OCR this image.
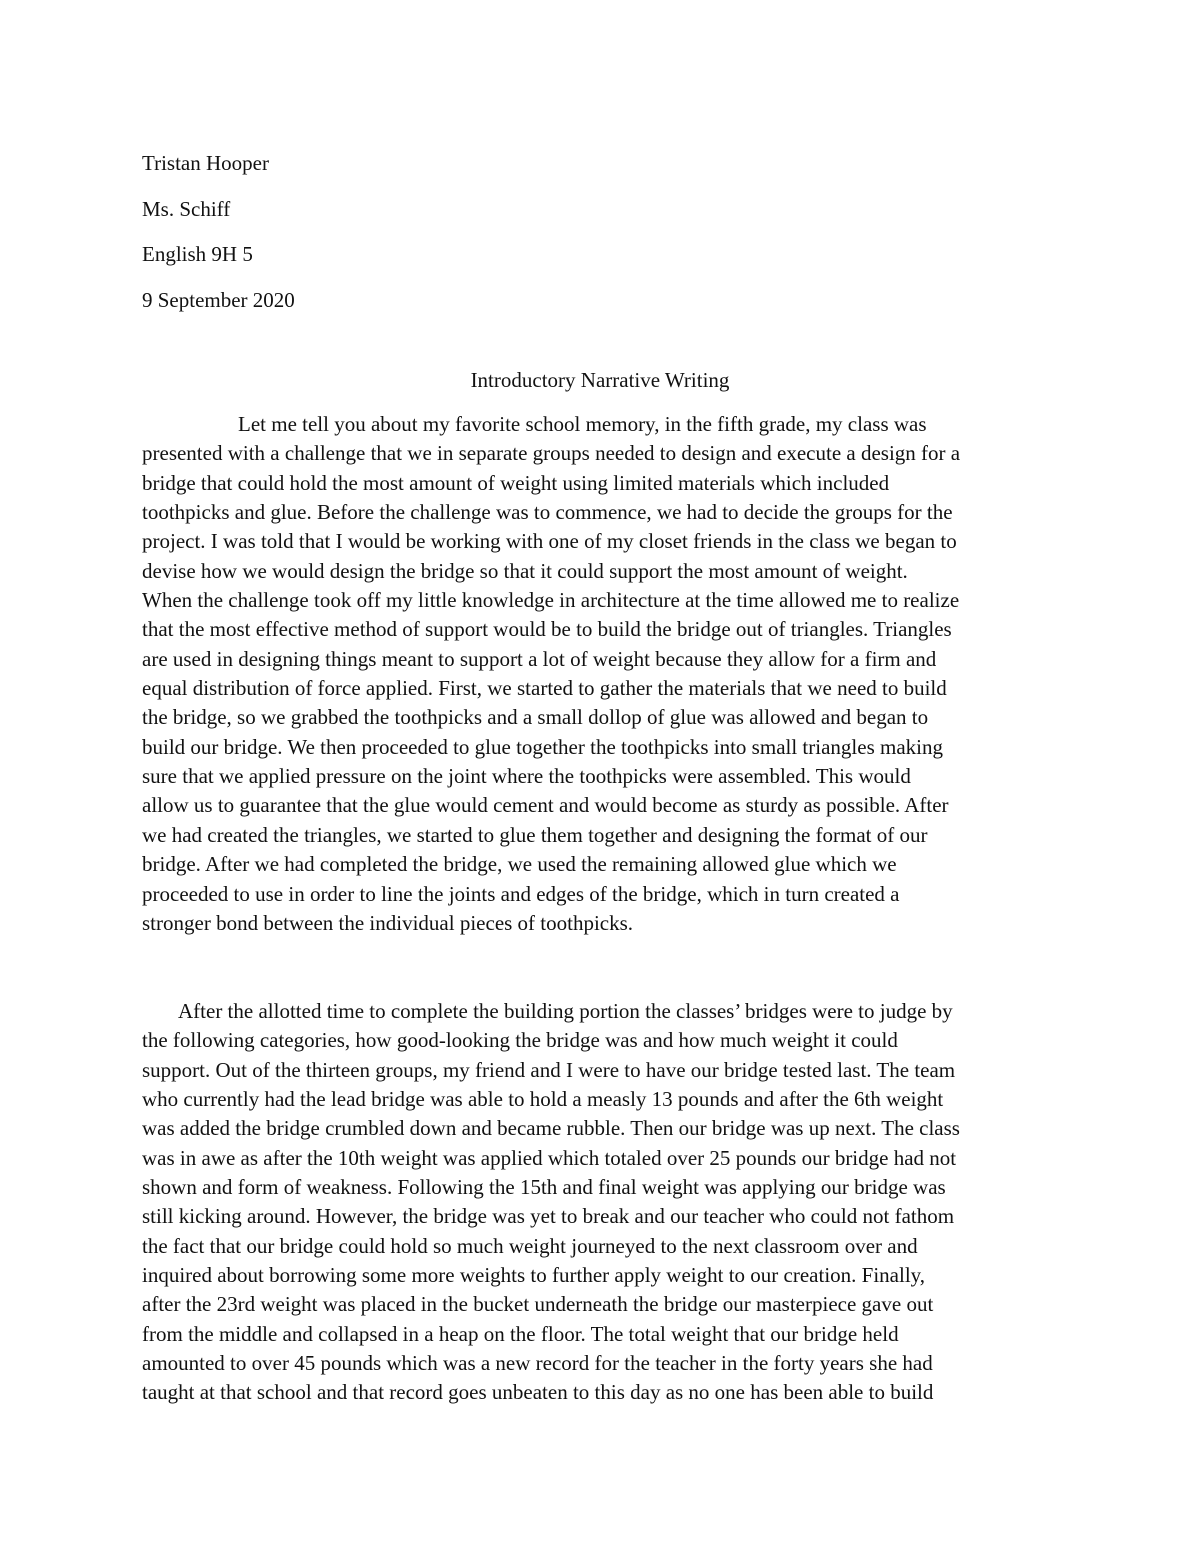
Tristan Hooper
Ms. Schiff
English 9H 5
9 September 2020
Introductory Narrative Writing
Let me tell you about my favorite school memory, in the fifth grade, my class was
presented with a challenge that we in separate groups needed to design and execute a design for a
bridge that could hold the most amount of weight using limited materials which included
toothpicks and glue. Before the challenge was to commence, we had to decide the groups for the
project. I was told that I would be working with one of my closet friends in the class we began to
devise how we would design the bridge so that it could support the most amount of weight.
When the challenge took off my little knowledge in architecture at the time allowed me to realize
that the most effective method of support would be to build the bridge out of triangles. Triangles
are used in designing things meant to support a lot of weight because they allow for a firm and
equal distribution of force applied. First, we started to gather the materials that we need to build
the bridge, so we grabbed the toothpicks and a small dollop of glue was allowed and began to
build our bridge. We then proceeded to glue together the toothpicks into small triangles making
sure that we applied pressure on the joint where the toothpicks were assembled. This would
allow us to guarantee that the glue would cement and would become as sturdy as possible. After
we had created the triangles, we started to glue them together and designing the format of our
bridge. After we had completed the bridge, we used the remaining allowed glue which we
proceeded to use in order to line the joints and edges of the bridge, which in turn created a
stronger bond between the individual pieces of toothpicks.
After the allotted time to complete the building portion the classes’ bridges were to judge by
the following categories, how good-looking the bridge was and how much weight it could
support. Out of the thirteen groups, my friend and I were to have our bridge tested last. The team
who currently had the lead bridge was able to hold a measly 13 pounds and after the 6th weight
was added the bridge crumbled down and became rubble. Then our bridge was up next. The class
was in awe as after the 10th weight was applied which totaled over 25 pounds our bridge had not
shown and form of weakness. Following the 15th and final weight was applying our bridge was
still kicking around. However, the bridge was yet to break and our teacher who could not fathom
the fact that our bridge could hold so much weight journeyed to the next classroom over and
inquired about borrowing some more weights to further apply weight to our creation. Finally,
after the 23rd weight was placed in the bucket underneath the bridge our masterpiece gave out
from the middle and collapsed in a heap on the floor. The total weight that our bridge held
amounted to over 45 pounds which was a new record for the teacher in the forty years she had
taught at that school and that record goes unbeaten to this day as no one has been able to build
